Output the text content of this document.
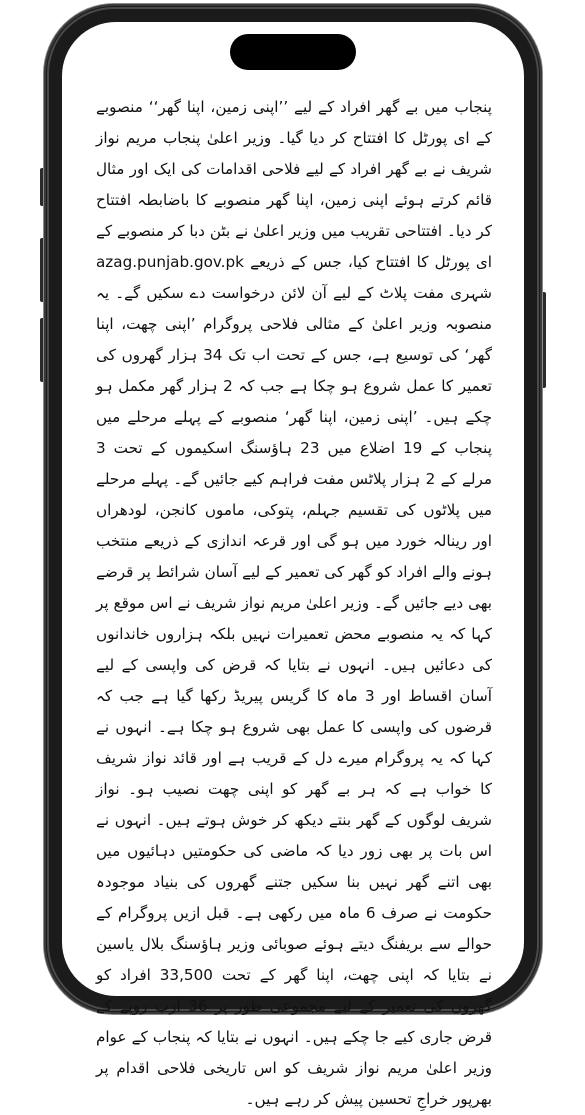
پنجاب میں بے گھر افراد کے لیے ’’اپنی زمین، اپنا گھر‘‘ منصوبے کے ای پورٹل کا افتتاح کر دیا گیا۔ وزیر اعلیٰ پنجاب مریم نواز شریف نے بے گھر افراد کے لیے فلاحی اقدامات کی ایک اور مثال قائم کرتے ہوئے اپنی زمین، اپنا گھر منصوبے کا باضابطہ افتتاح کر دیا۔ افتتاحی تقریب میں وزیر اعلیٰ نے بٹن دبا کر منصوبے کے ای پورٹل کا افتتاح کیا، جس کے ذریعے azag.punjab.gov.pk شہری مفت پلاٹ کے لیے آن لائن درخواست دے سکیں گے۔ یہ منصوبہ وزیر اعلیٰ کے مثالی فلاحی پروگرام ’اپنی چھت، اپنا گھر‘ کی توسیع ہے، جس کے تحت اب تک 34 ہزار گھروں کی تعمیر کا عمل شروع ہو چکا ہے جب کہ 2 ہزار گھر مکمل ہو چکے ہیں۔ ’اپنی زمین، اپنا گھر‘ منصوبے کے پہلے مرحلے میں پنجاب کے 19 اضلاع میں 23 ہاؤسنگ اسکیموں کے تحت 3 مرلے کے 2 ہزار پلاٹس مفت فراہم کیے جائیں گے۔ پہلے مرحلے میں پلاٹوں کی تقسیم جہلم، پتوکی، ماموں کانجن، لودھراں اور رینالہ خورد میں ہو گی اور قرعہ اندازی کے ذریعے منتخب ہونے والے افراد کو گھر کی تعمیر کے لیے آسان شرائط پر قرضے بھی دیے جائیں گے۔ وزیر اعلیٰ مریم نواز شریف نے اس موقع پر کہا کہ یہ منصوبے محض تعمیرات نہیں بلکہ ہزاروں خاندانوں کی دعائیں ہیں۔ انہوں نے بتایا کہ قرض کی واپسی کے لیے آسان اقساط اور 3 ماہ کا گریس پیریڈ رکھا گیا ہے جب کہ قرضوں کی واپسی کا عمل بھی شروع ہو چکا ہے۔ انہوں نے کہا کہ یہ پروگرام میرے دل کے قریب ہے اور قائد نواز شریف کا خواب ہے کہ ہر بے گھر کو اپنی چھت نصیب ہو۔ نواز شریف لوگوں کے گھر بنتے دیکھ کر خوش ہوتے ہیں۔ انہوں نے اس بات پر بھی زور دیا کہ ماضی کی حکومتیں دہائیوں میں بھی اتنے گھر نہیں بنا سکیں جتنے گھروں کی بنیاد موجودہ حکومت نے صرف 6 ماہ میں رکھی ہے۔ قبل ازیں پروگرام کے حوالے سے بریفنگ دیتے ہوئے صوبائی وزیر ہاؤسنگ بلال یاسین نے بتایا کہ اپنی چھت، اپنا گھر کے تحت 33,500 افراد کو گھروں کی تعمیر کے لیے مجموعی طور پر 36 ارب روپے کے قرض جاری کیے جا چکے ہیں۔ انہوں نے بتایا کہ پنجاب کے عوام وزیر اعلیٰ مریم نواز شریف کو اس تاریخی فلاحی اقدام پر بھرپور خراجِ تحسین پیش کر رہے ہیں۔
